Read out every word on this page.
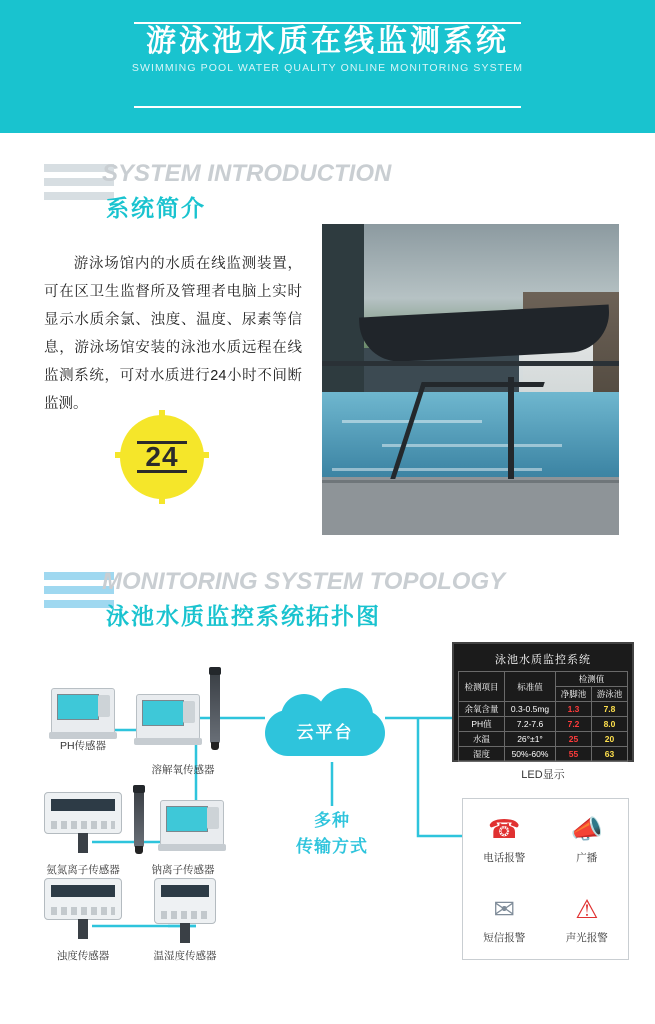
游泳池水质在线监测系统
SWIMMING POOL WATER QUALITY ONLINE MONITORING SYSTEM
SYSTEM INTRODUCTION
系统简介
游泳场馆内的水质在线监测装置，可在区卫生监督所及管理者电脑上实时显示水质余氯、浊度、温度、尿素等信息，游泳场馆安装的泳池水质远程在线监测系统，可对水质进行24小时不间断监测。
24
MONITORING SYSTEM TOPOLOGY
泳池水质监控系统拓扑图
PH传感器
溶解氧传感器
氨氮离子传感器	钠离子传感器
浊度传感器	温湿度传感器
云平台
多种
传输方式
泳池水质监控系统
检测项目	标准值	检测值	
		净脚池	游泳池
余氧含量	0.3-0.5mg	1.3	7.8
PH值	7.2-7.6	7.2	8.0
水温	26°±1°	25	20
湿度	50%-60%	55	63
LED显示
☎
电话报警
📣
广播
✉
短信报警
⚠
声光报警
